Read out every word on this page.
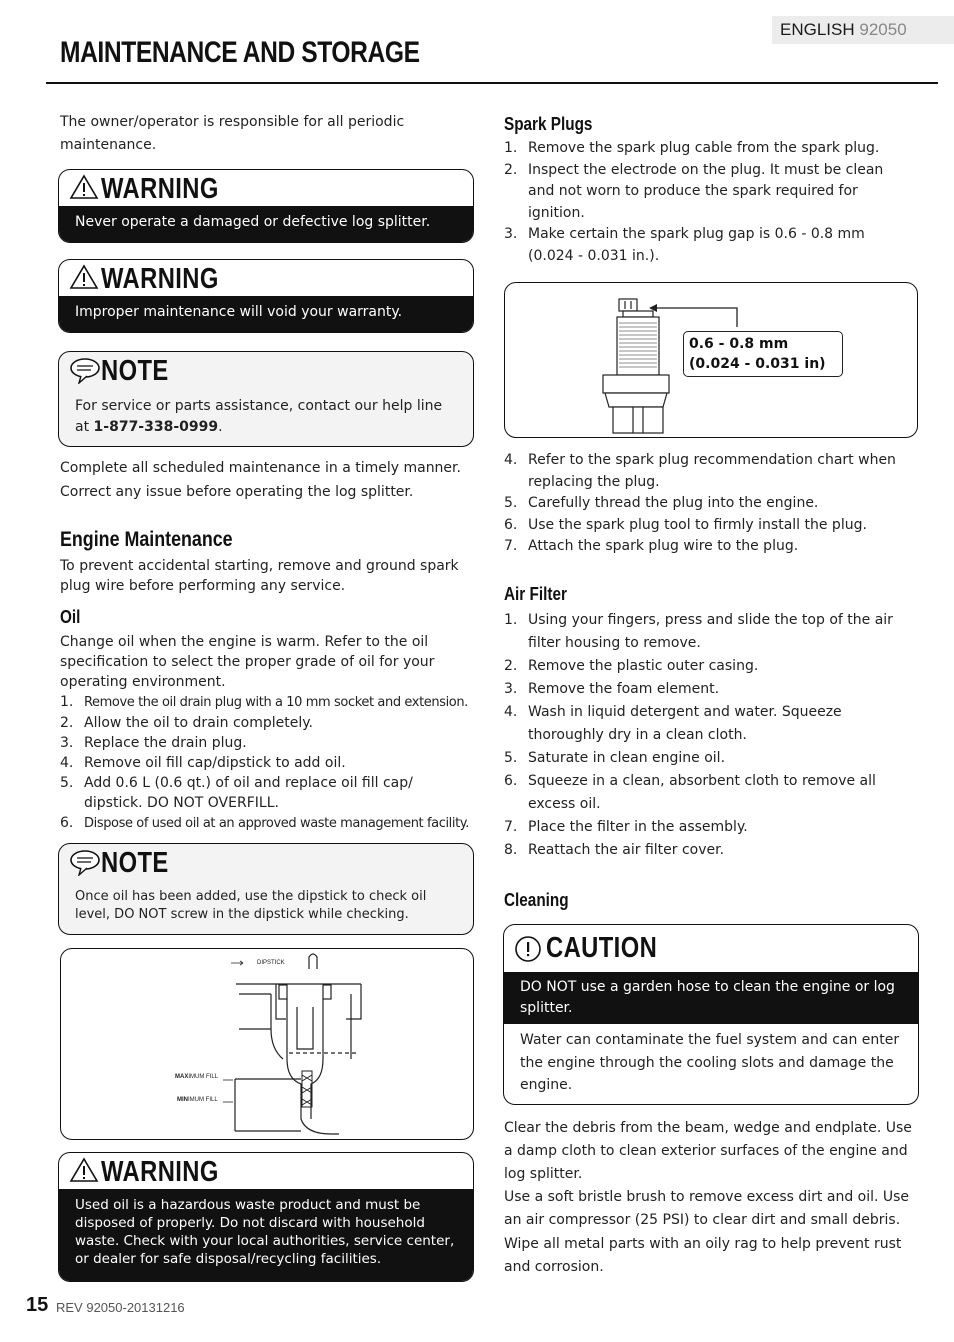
ENGLISH 92050
MAINTENANCE AND STORAGE
The owner/operator is responsible for all periodic maintenance.
WARNING
Never operate a damaged or defective log splitter.
WARNING
Improper maintenance will void your warranty.
NOTE
For service or parts assistance, contact our help line at 1-877-338-0999.
Complete all scheduled maintenance in a timely manner.
Correct any issue before operating the log splitter.
Engine Maintenance
To prevent accidental starting, remove and ground spark plug wire before performing any service.
Oil
Change oil when the engine is warm. Refer to the oil specification to select the proper grade of oil for your operating environment.
1. Remove the oil drain plug with a 10 mm socket and extension.
2. Allow the oil to drain completely.
3. Replace the drain plug.
4. Remove oil fill cap/dipstick to add oil.
5. Add 0.6 L (0.6 qt.) of oil and replace oil fill cap/ dipstick. DO NOT OVERFILL.
6. Dispose of used oil at an approved waste management facility.
NOTE
Once oil has been added, use the dipstick to check oil level, DO NOT screw in the dipstick while checking.
DIPSTICK
MAXIMUM FILL
MINIMUM FILL
WARNING
Used oil is a hazardous waste product and must be disposed of properly. Do not discard with household waste. Check with your local authorities, service center, or dealer for safe disposal/recycling facilities.
Spark Plugs
1. Remove the spark plug cable from the spark plug.
2. Inspect the electrode on the plug. It must be clean and not worn to produce the spark required for ignition.
3. Make certain the spark plug gap is 0.6 - 0.8 mm (0.024 - 0.031 in.).
0.6 - 0.8 mm
(0.024 - 0.031 in)
4. Refer to the spark plug recommendation chart when replacing the plug.
5. Carefully thread the plug into the engine.
6. Use the spark plug tool to firmly install the plug.
7. Attach the spark plug wire to the plug.
Air Filter
1. Using your fingers, press and slide the top of the air filter housing to remove.
2. Remove the plastic outer casing.
3. Remove the foam element.
4. Wash in liquid detergent and water. Squeeze thoroughly dry in a clean cloth.
5. Saturate in clean engine oil.
6. Squeeze in a clean, absorbent cloth to remove all excess oil.
7. Place the filter in the assembly.
8. Reattach the air filter cover.
Cleaning
CAUTION
DO NOT use a garden hose to clean the engine or log splitter.
Water can contaminate the fuel system and can enter the engine through the cooling slots and damage the engine.
Clear the debris from the beam, wedge and endplate. Use a damp cloth to clean exterior surfaces of the engine and log splitter.
Use a soft bristle brush to remove excess dirt and oil. Use an air compressor (25 PSI) to clear dirt and small debris.
Wipe all metal parts with an oily rag to help prevent rust and corrosion.
15 REV 92050-20131216
